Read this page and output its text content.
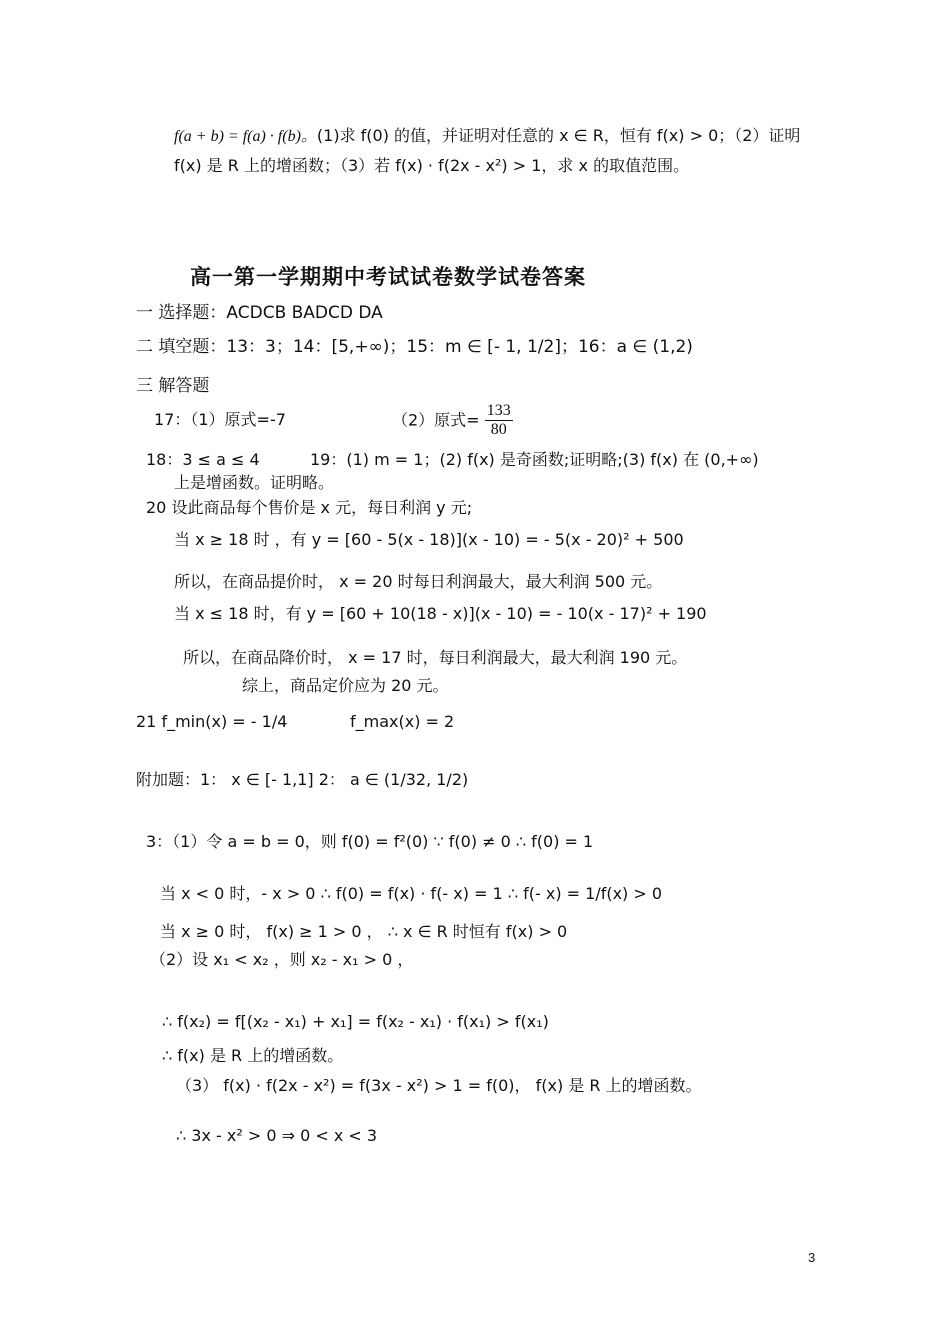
f(a + b) = f(a) · f(b)。(1)求 f(0) 的值，并证明对任意的 x ∈ R，恒有 f(x) > 0；（2）证明
f(x) 是 R 上的增函数；（3）若 f(x) · f(2x - x²) > 1，求 x 的取值范围。
高一第一学期期中考试试卷数学试卷答案
一 选择题：ACDCB BADCD DA
二 填空题：13：3；14：[5,+∞)；15：m ∈ [- 1, 1/2]；16：a ∈ (1,2)
三 解答题
17：（1）原式=-7	（2）原式= $\frac{133}{80}$
18：3 ≤ a ≤ 4	19：(1) m = 1；(2) f(x) 是奇函数;证明略;(3) f(x) 在 (0,+∞)
上是增函数。证明略。
20 设此商品每个售价是 x 元，每日利润 y 元;
当 x ≥ 18 时 ，有 y = [60 - 5(x - 18)](x - 10) = - 5(x - 20)² + 500
所以，在商品提价时， x = 20 时每日利润最大，最大利润 500 元。
当 x ≤ 18 时，有 y = [60 + 10(18 - x)](x - 10) = - 10(x - 17)² + 190
所以，在商品降价时， x = 17 时，每日利润最大，最大利润 190 元。
综上，商品定价应为 20 元。
21 f_min(x) = - 1/4	f_max(x) = 2
附加题：1： x ∈ [- 1,1] 2： a ∈ (1/32, 1/2)
3：（1）令 a = b = 0，则 f(0) = f²(0) ∵ f(0) ≠ 0 ∴ f(0) = 1
当 x < 0 时，- x > 0 ∴ f(0) = f(x) · f(- x) = 1 ∴ f(- x) = 1/f(x) > 0
当 x ≥ 0 时， f(x) ≥ 1 > 0 ， ∴ x ∈ R 时恒有 f(x) > 0
（2）设 x₁ < x₂ ，则 x₂ - x₁ > 0 ，
∴ f(x₂) = f[(x₂ - x₁) + x₁] = f(x₂ - x₁) · f(x₁) > f(x₁)
∴ f(x) 是 R 上的增函数。
（3） f(x) · f(2x - x²) = f(3x - x²) > 1 = f(0)， f(x) 是 R 上的增函数。
∴ 3x - x² > 0 ⇒ 0 < x < 3
3
